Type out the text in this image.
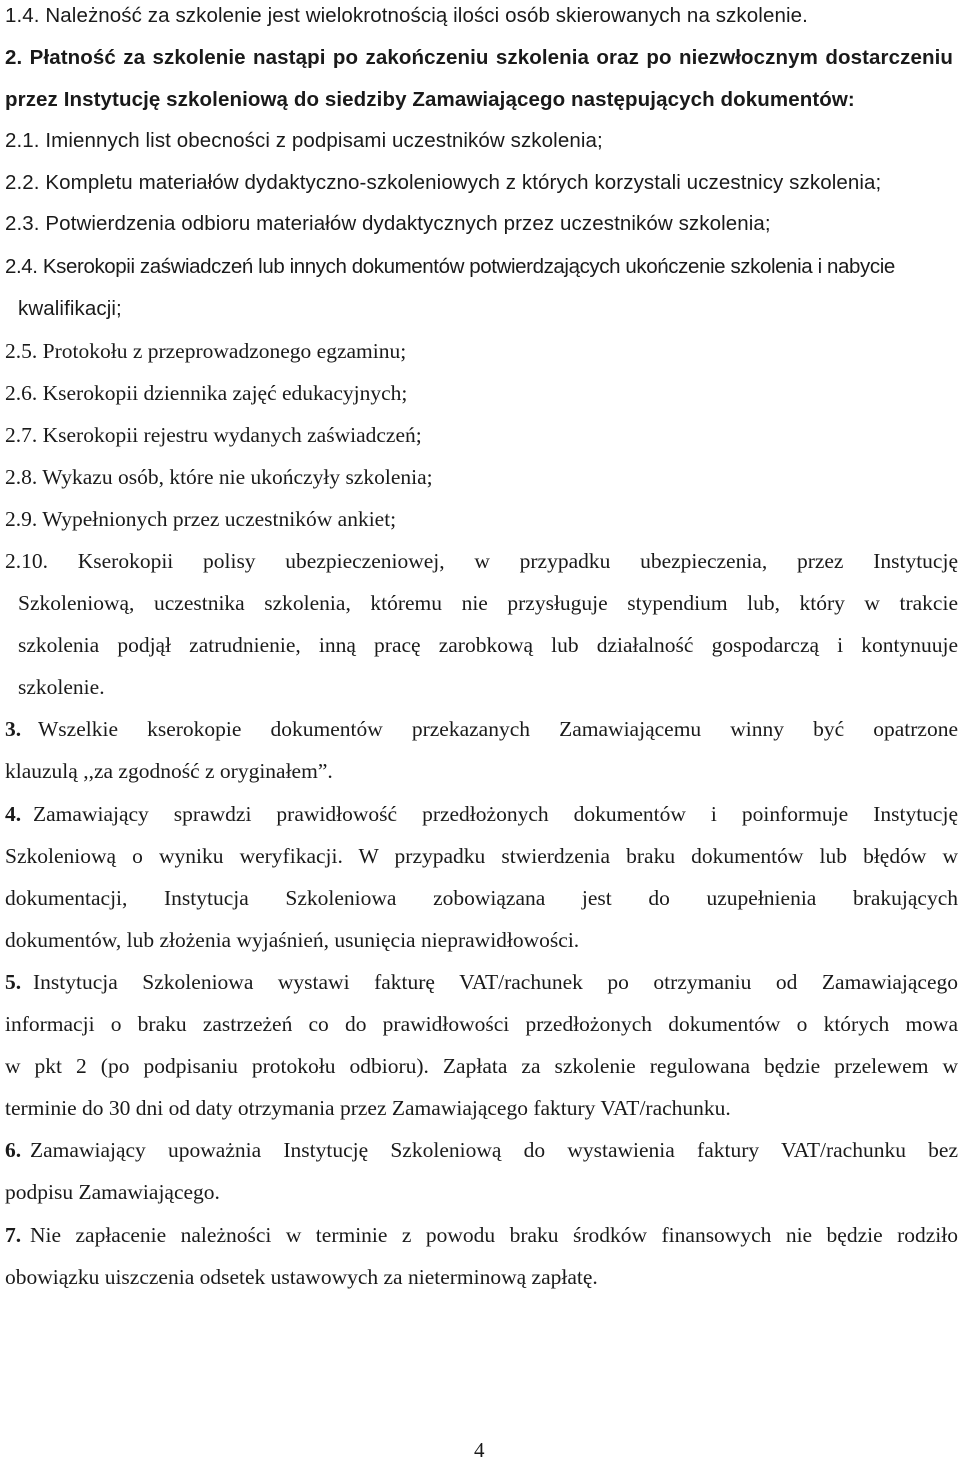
1.4. Należność za szkolenie jest wielokrotnością ilości osób skierowanych na szkolenie.
2. Płatność za szkolenie nastąpi po zakończeniu szkolenia oraz po niezwłocznym dostarczeniu
przez Instytucję szkoleniową do siedziby Zamawiającego następujących dokumentów:
2.1. Imiennych list obecności z podpisami uczestników szkolenia;
2.2. Kompletu materiałów dydaktyczno-szkoleniowych z których korzystali uczestnicy szkolenia;
2.3. Potwierdzenia odbioru materiałów dydaktycznych przez uczestników szkolenia;
2.4. Kserokopii zaświadczeń lub innych dokumentów potwierdzających ukończenie szkolenia i nabycie
kwalifikacji;
2.5. Protokołu z przeprowadzonego egzaminu;
2.6. Kserokopii dziennika zajęć edukacyjnych;
2.7. Kserokopii rejestru wydanych zaświadczeń;
2.8. Wykazu osób, które nie ukończyły szkolenia;
2.9. Wypełnionych przez uczestników ankiet;
2.10. Kserokopii polisy ubezpieczeniowej, w przypadku ubezpieczenia, przez Instytucję
Szkoleniową, uczestnika szkolenia, któremu nie przysługuje stypendium lub, który w trakcie
szkolenia podjął zatrudnienie, inną pracę zarobkową lub działalność gospodarczą i kontynuuje
szkolenie.
3. Wszelkie kserokopie dokumentów przekazanych Zamawiającemu winny być opatrzone
klauzulą ,,za zgodność z oryginałem”.
4. Zamawiający sprawdzi prawidłowość przedłożonych dokumentów i poinformuje Instytucję
Szkoleniową o wyniku weryfikacji. W przypadku stwierdzenia braku dokumentów lub błędów w
dokumentacji, Instytucja Szkoleniowa zobowiązana jest do uzupełnienia brakujących
dokumentów, lub złożenia wyjaśnień, usunięcia nieprawidłowości.
5. Instytucja Szkoleniowa wystawi fakturę VAT/rachunek po otrzymaniu od Zamawiającego
informacji o braku zastrzeżeń co do prawidłowości przedłożonych dokumentów o których mowa
w pkt 2 (po podpisaniu protokołu odbioru). Zapłata za szkolenie regulowana będzie przelewem w
terminie do 30 dni od daty otrzymania przez Zamawiającego faktury VAT/rachunku.
6. Zamawiający upoważnia Instytucję Szkoleniową do wystawienia faktury VAT/rachunku bez
podpisu Zamawiającego.
7. Nie zapłacenie należności w terminie z powodu braku środków finansowych nie będzie rodziło
obowiązku uiszczenia odsetek ustawowych za nieterminową zapłatę.
4
